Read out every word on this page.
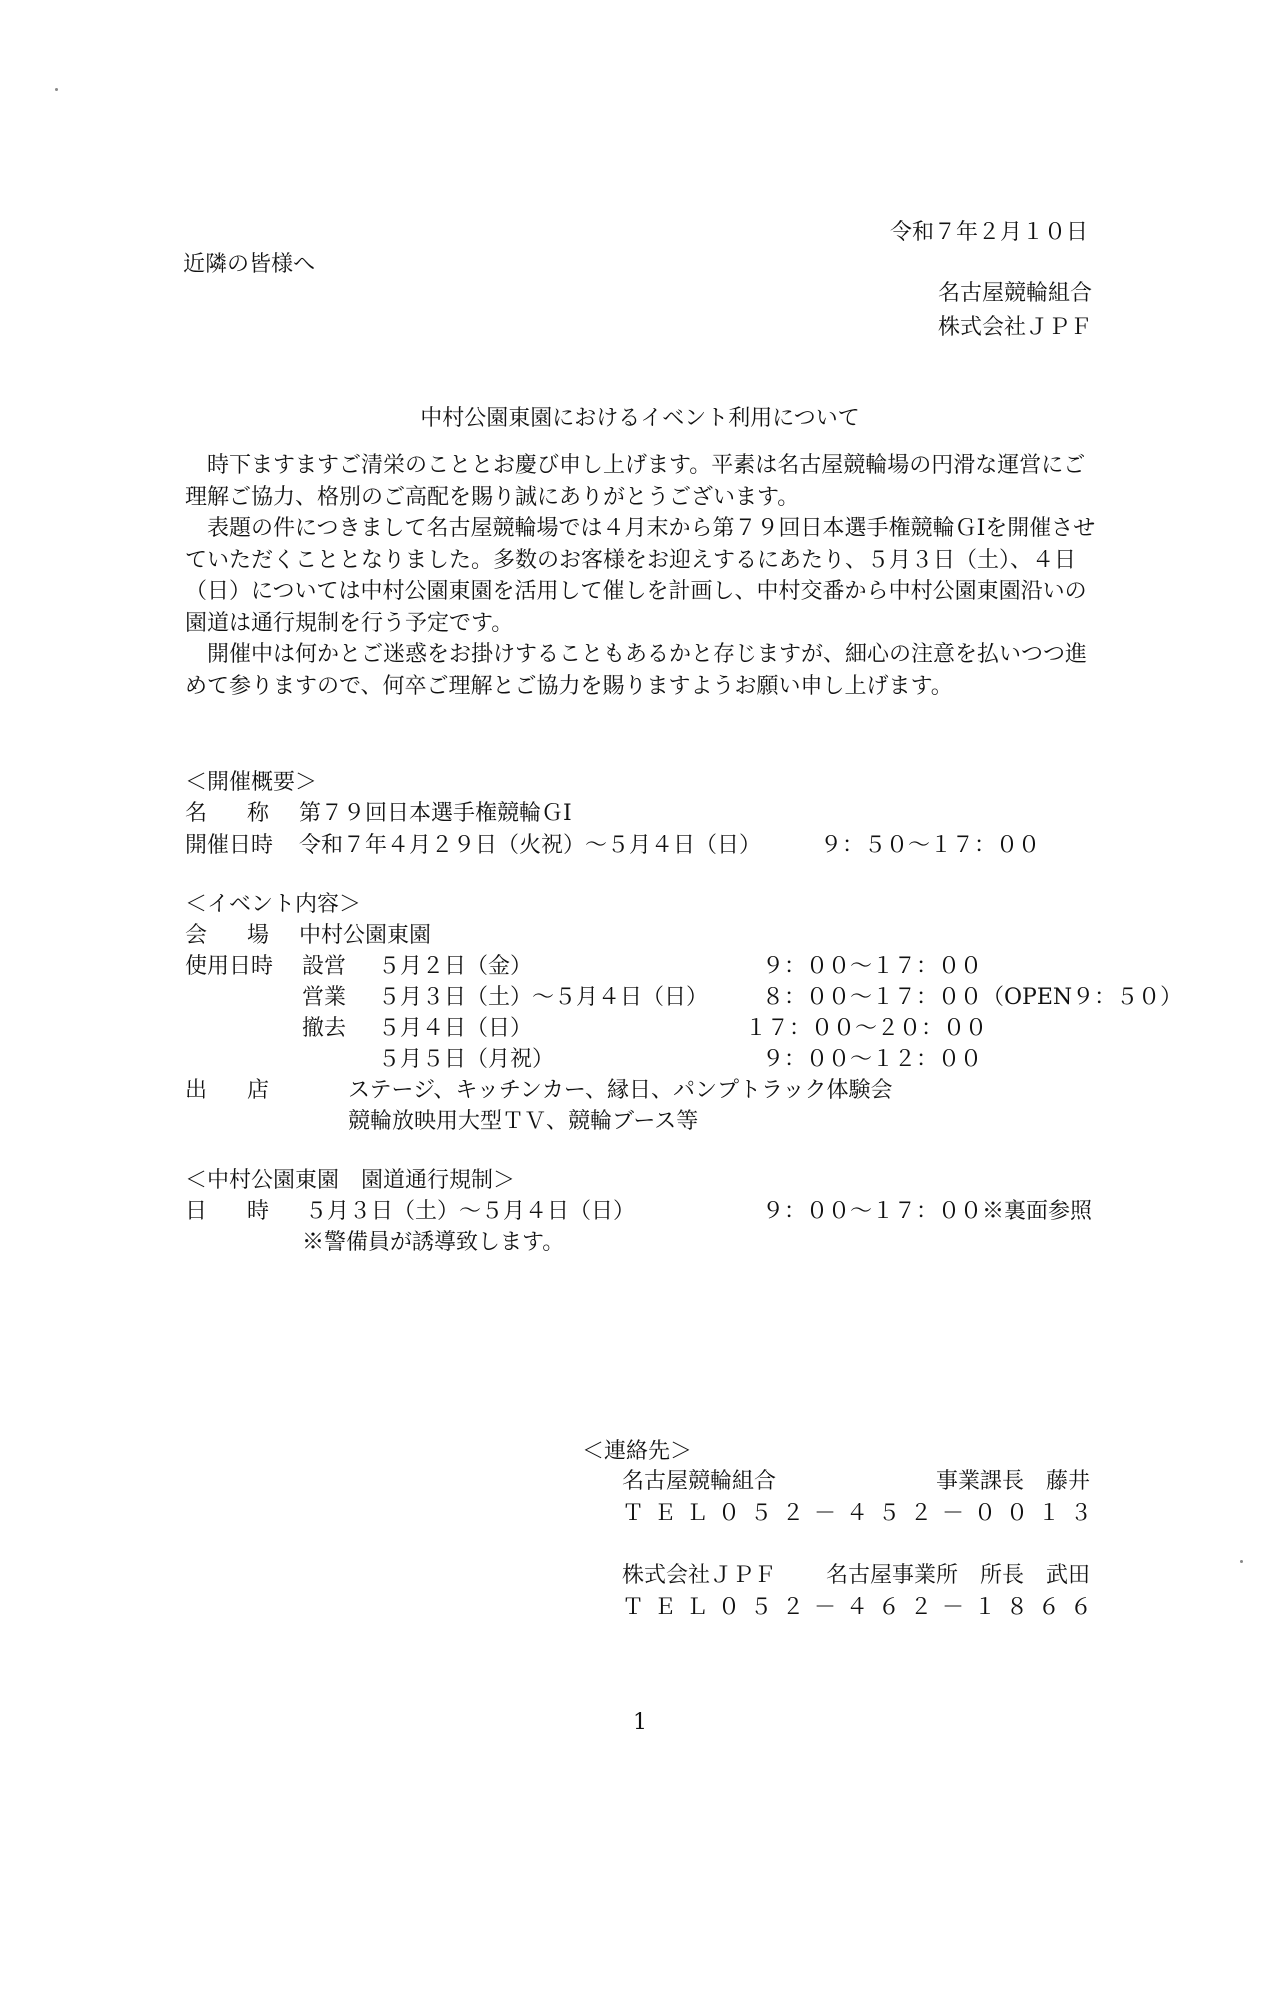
令和７年２月１０日
近隣の皆様へ
名古屋競輪組合
株式会社ＪＰＦ
中村公園東園におけるイベント利用について

時下ますますご清栄のこととお慶び申し上げます。平素は名古屋競輪場の円滑な運営にご理解ご協力、格別のご高配を賜り誠にありがとうございます。

表題の件につきまして名古屋競輪場では４月末から第７９回日本選手権競輪ＧⅠを開催させていただくこととなりました。多数のお客様をお迎えするにあたり、５月３日（土）、４日（日）については中村公園東園を活用して催しを計画し、中村交番から中村公園東園沿いの園道は通行規制を行う予定です。

開催中は何かとご迷惑をお掛けすることもあるかと存じますが、細心の注意を払いつつ進めて参りますので、何卒ご理解とご協力を賜りますようお願い申し上げます。

＜開催概要＞
名称第７９回日本選手権競輪ＧⅠ
開催日時 令和７年４月２９日（火祝）～５月４日（日）	９：５０～１７：００
＜イベント内容＞
会場中村公園東園
使用日時 設営 ５月２日（金）	９：００～１７：００
営業 ５月３日（土）～５月４日（日） ８：００～１７：００（OPEN９：５０）
撤去 ５月４日（日）	１７：００～２０：００
５月５日（月祝）	９：００～１２：００
出店 ステージ、キッチンカー、縁日、パンプトラック体験会
競輪放映用大型ＴＶ、競輪ブース等
＜中村公園東園　園道通行規制＞
日時
５月３日（土）～５月４日（日）	９：００～１７：００※裏面参照
※警備員が誘導致します。
＜連絡先＞
名古屋競輪組合	事業課長　藤井
ＴＥＬ ０５２－４５２－００１３
株式会社ＪＰＦ 名古屋事業所　所長　武田
ＴＥＬ ０５２－４６２－１８６６
1
